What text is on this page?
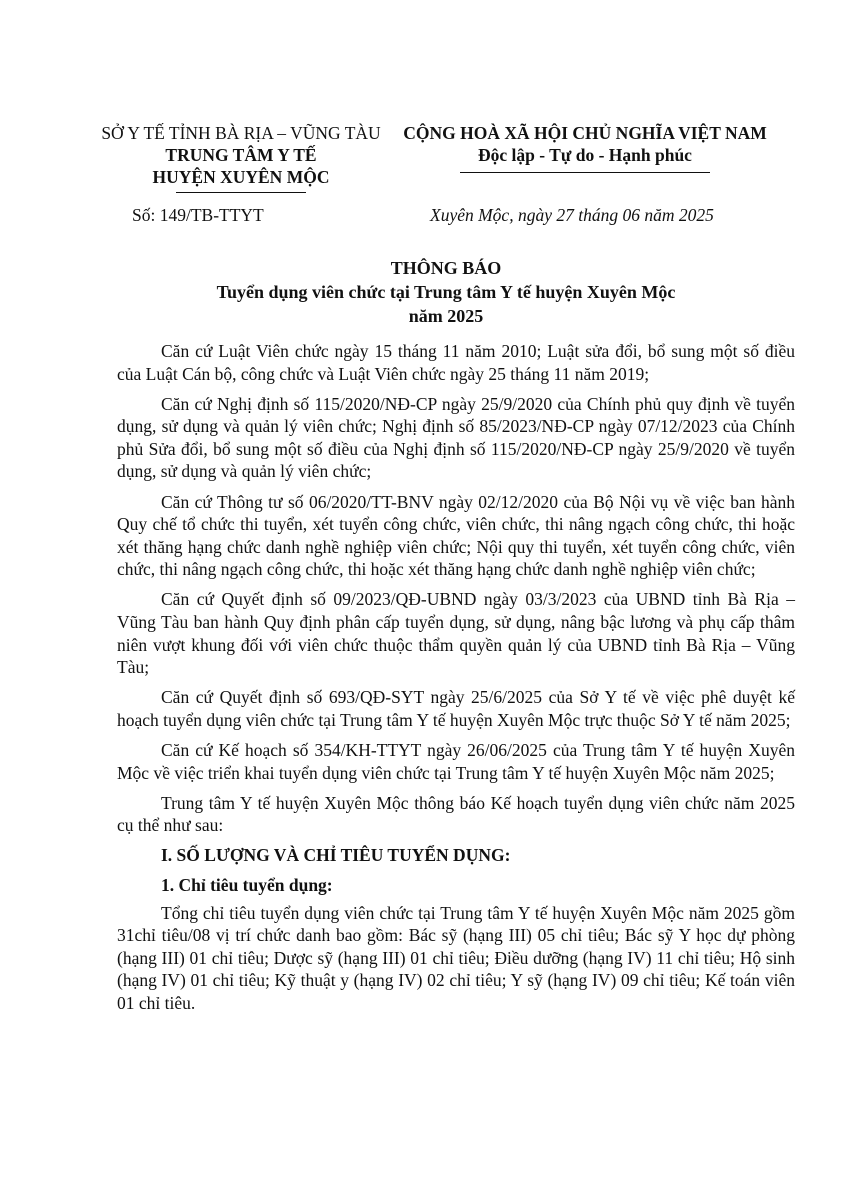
SỞ Y TẾ TỈNH BÀ RỊA – VŨNG TÀU
TRUNG TÂM Y TẾ
HUYỆN XUYÊN MỘC
CỘNG HOÀ XÃ HỘI CHỦ NGHĨA VIỆT NAM
Độc lập - Tự do - Hạnh phúc
Số: 149/TB-TTYT	Xuyên Mộc, ngày 27 tháng 06 năm 2025
THÔNG BÁO
Tuyển dụng viên chức tại Trung tâm Y tế huyện Xuyên Mộc
năm 2025

Căn cứ Luật Viên chức ngày 15 tháng 11 năm 2010; Luật sửa đổi, bổ sung một số điều của Luật Cán bộ, công chức và Luật Viên chức ngày 25 tháng 11 năm 2019;

Căn cứ Nghị định số 115/2020/NĐ-CP ngày 25/9/2020 của Chính phủ quy định về tuyển dụng, sử dụng và quản lý viên chức; Nghị định số 85/2023/NĐ-CP ngày 07/12/2023 của Chính phủ Sửa đổi, bổ sung một số điều của Nghị định số 115/2020/NĐ-CP ngày 25/9/2020 về tuyển dụng, sử dụng và quản lý viên chức;

Căn cứ Thông tư số 06/2020/TT-BNV ngày 02/12/2020 của Bộ Nội vụ về việc ban hành Quy chế tổ chức thi tuyển, xét tuyển công chức, viên chức, thi nâng ngạch công chức, thi hoặc xét thăng hạng chức danh nghề nghiệp viên chức; Nội quy thi tuyển, xét tuyển công chức, viên chức, thi nâng ngạch công chức, thi hoặc xét thăng hạng chức danh nghề nghiệp viên chức;

Căn cứ Quyết định số 09/2023/QĐ-UBND ngày 03/3/2023 của UBND tỉnh Bà Rịa – Vũng Tàu ban hành Quy định phân cấp tuyển dụng, sử dụng, nâng bậc lương và phụ cấp thâm niên vượt khung đối với viên chức thuộc thẩm quyền quản lý của UBND tỉnh Bà Rịa – Vũng Tàu;

Căn cứ Quyết định số 693/QĐ-SYT ngày 25/6/2025 của Sở Y tế về việc phê duyệt kế hoạch tuyển dụng viên chức tại Trung tâm Y tế huyện Xuyên Mộc trực thuộc Sở Y tế năm 2025;

Căn cứ Kế hoạch số 354/KH-TTYT ngày 26/06/2025 của Trung tâm Y tế huyện Xuyên Mộc về việc triển khai tuyển dụng viên chức tại Trung tâm Y tế huyện Xuyên Mộc năm 2025;

Trung tâm Y tế huyện Xuyên Mộc thông báo Kế hoạch tuyển dụng viên chức năm 2025 cụ thể như sau:

I. SỐ LƯỢNG VÀ CHỈ TIÊU TUYỂN DỤNG:
1. Chỉ tiêu tuyển dụng:

Tổng chỉ tiêu tuyển dụng viên chức tại Trung tâm Y tế huyện Xuyên Mộc năm 2025 gồm 31chỉ tiêu/08 vị trí chức danh bao gồm: Bác sỹ (hạng III) 05 chỉ tiêu; Bác sỹ Y học dự phòng (hạng III) 01 chỉ tiêu; Dược sỹ (hạng III) 01 chỉ tiêu; Điều dưỡng (hạng IV) 11 chỉ tiêu; Hộ sinh (hạng IV) 01 chỉ tiêu; Kỹ thuật y (hạng IV) 02 chỉ tiêu; Y sỹ (hạng IV) 09 chỉ tiêu; Kế toán viên 01 chỉ tiêu.
